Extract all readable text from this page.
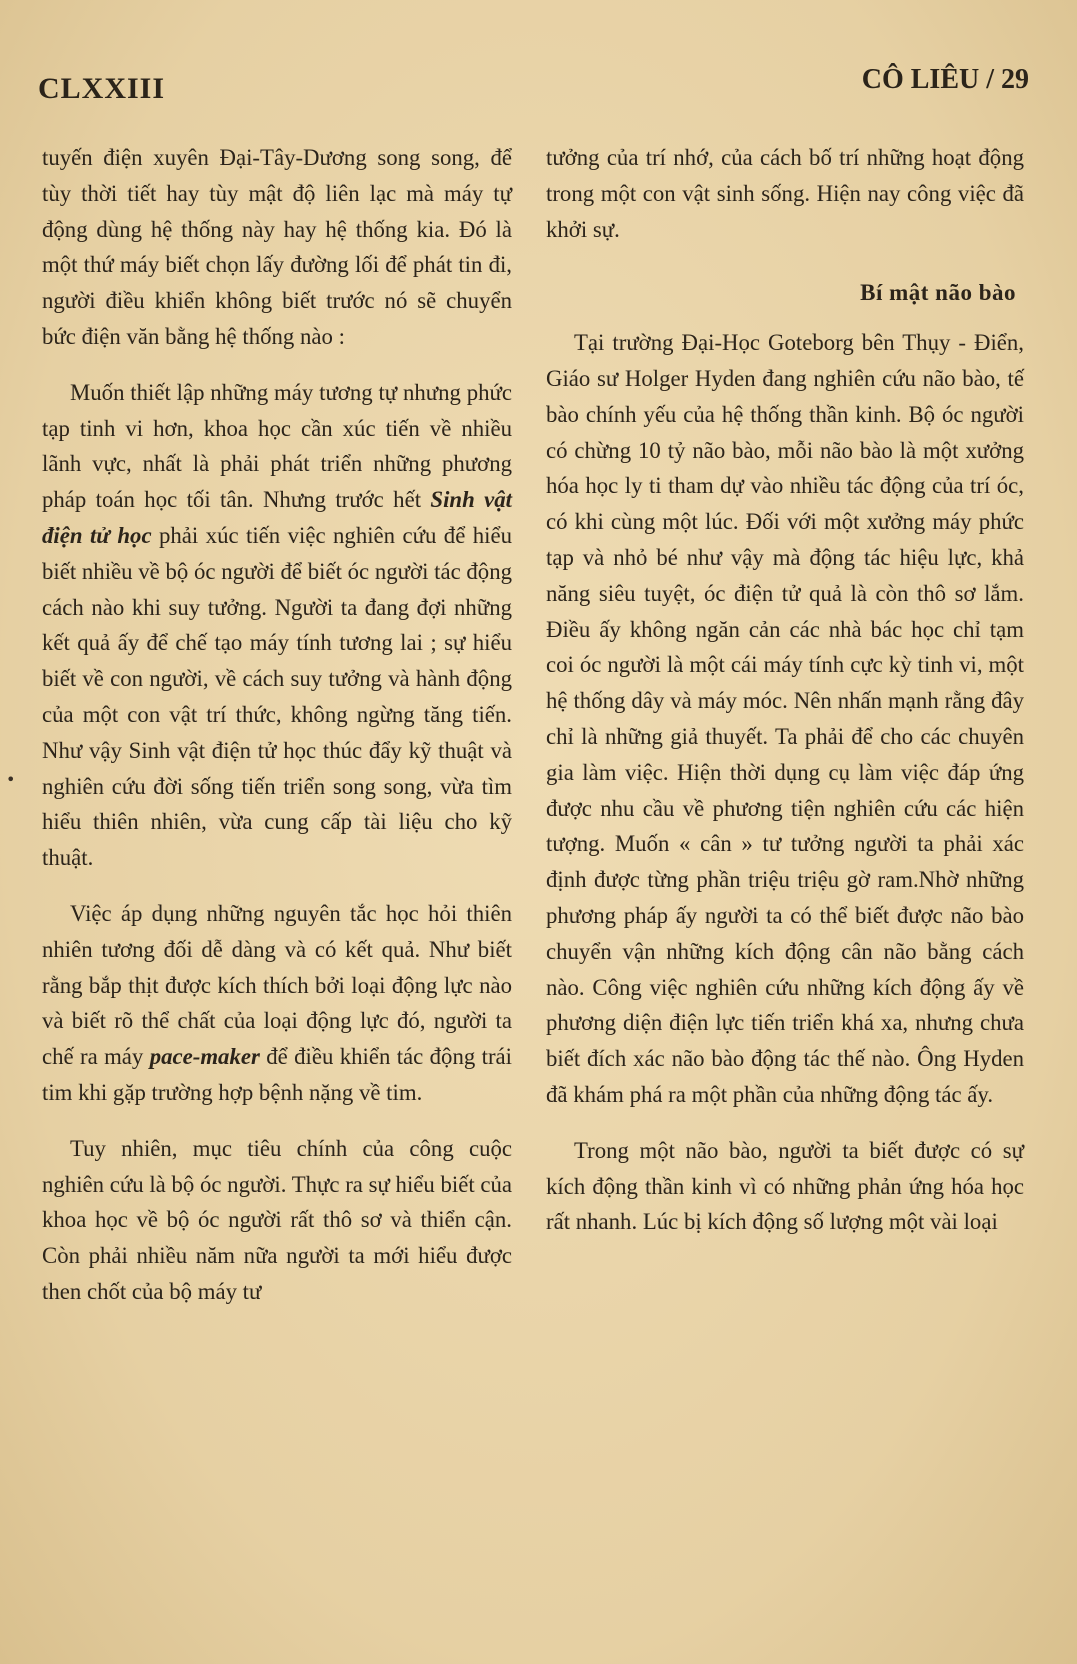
CLXXIII	CÔ LIÊU / 29
•

tuyến điện xuyên Đại-Tây-Dương song song, để tùy thời tiết hay tùy mật độ liên lạc mà máy tự động dùng hệ thống này hay hệ thống kia. Đó là một thứ máy biết chọn lấy đường lối để phát tin đi, người điều khiển không biết trước nó sẽ chuyển bức điện văn bằng hệ thống nào :

Muốn thiết lập những máy tương tự nhưng phức tạp tinh vi hơn, khoa học cần xúc tiến về nhiều lãnh vực, nhất là phải phát triển những phương pháp toán học tối tân. Nhưng trước hết Sinh vật điện tử học phải xúc tiến việc nghiên cứu để hiểu biết nhiều về bộ óc người để biết óc người tác động cách nào khi suy tưởng. Người ta đang đợi những kết quả ấy để chế tạo máy tính tương lai ; sự hiểu biết về con người, về cách suy tưởng và hành động của một con vật trí thức, không ngừng tăng tiến. Như vậy Sinh vật điện tử học thúc đẩy kỹ thuật và nghiên cứu đời sống tiến triển song song, vừa tìm hiểu thiên nhiên, vừa cung cấp tài liệu cho kỹ thuật.

Việc áp dụng những nguyên tắc học hỏi thiên nhiên tương đối dễ dàng và có kết quả. Như biết rằng bắp thịt được kích thích bởi loại động lực nào và biết rõ thể chất của loại động lực đó, người ta chế ra máy pace-maker để điều khiển tác động trái tim khi gặp trường hợp bệnh nặng về tim.

Tuy nhiên, mục tiêu chính của công cuộc nghiên cứu là bộ óc người. Thực ra sự hiểu biết của khoa học về bộ óc người rất thô sơ và thiển cận. Còn phải nhiều năm nữa người ta mới hiểu được then chốt của bộ máy tư

tưởng của trí nhớ, của cách bố trí những hoạt động trong một con vật sinh sống. Hiện nay công việc đã khởi sự.

Bí mật não bào

Tại trường Đại-Học Goteborg bên Thụy - Điển, Giáo sư Holger Hyden đang nghiên cứu não bào, tế bào chính yếu của hệ thống thần kinh. Bộ óc người có chừng 10 tỷ não bào, mỗi não bào là một xưởng hóa học ly ti tham dự vào nhiều tác động của trí óc, có khi cùng một lúc. Đối với một xưởng máy phức tạp và nhỏ bé như vậy mà động tác hiệu lực, khả năng siêu tuyệt, óc điện tử quả là còn thô sơ lắm. Điều ấy không ngăn cản các nhà bác học chỉ tạm coi óc người là một cái máy tính cực kỳ tinh vi, một hệ thống dây và máy móc. Nên nhấn mạnh rằng đây chỉ là những giả thuyết. Ta phải để cho các chuyên gia làm việc. Hiện thời dụng cụ làm việc đáp ứng được nhu cầu về phương tiện nghiên cứu các hiện tượng. Muốn « cân » tư tưởng người ta phải xác định được từng phần triệu triệu gờ ram.Nhờ những phương pháp ấy người ta có thể biết được não bào chuyển vận những kích động cân não bằng cách nào. Công việc nghiên cứu những kích động ấy về phương diện điện lực tiến triển khá xa, nhưng chưa biết đích xác não bào động tác thế nào. Ông Hyden đã khám phá ra một phần của những động tác ấy.

Trong một não bào, người ta biết được có sự kích động thần kinh vì có những phản ứng hóa học rất nhanh. Lúc bị kích động số lượng một vài loại
